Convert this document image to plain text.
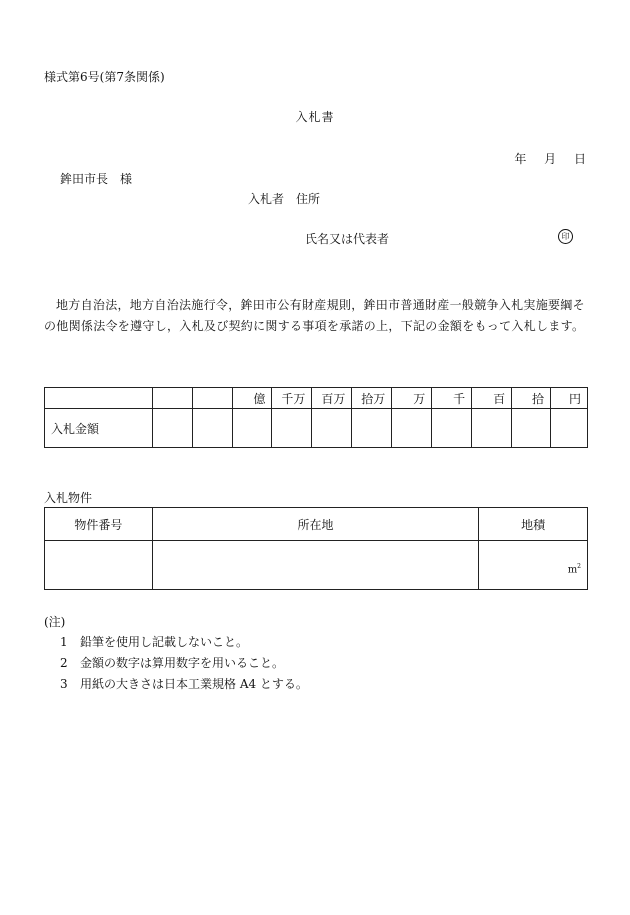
様式第6号(第7条関係)
入札書
年 月 日
鉾田市長　様
入札者　住所
氏名又は代表者	印
地方自治法，地方自治法施行令，鉾田市公有財産規則，鉾田市普通財産一般競争入札実施要綱その他関係法令を遵守し，入札及び契約に関する事項を承諾の上，下記の金額をもって入札します。
			億	千万	百万	拾万	万	千	百	拾	円
入札金額											
入札物件
物件番号	所在地	地積

		$m^2$
(注)
1 鉛筆を使用し記載しないこと。
2 金額の数字は算用数字を用いること。
3 用紙の大きさは日本工業規格 A4 とする。
